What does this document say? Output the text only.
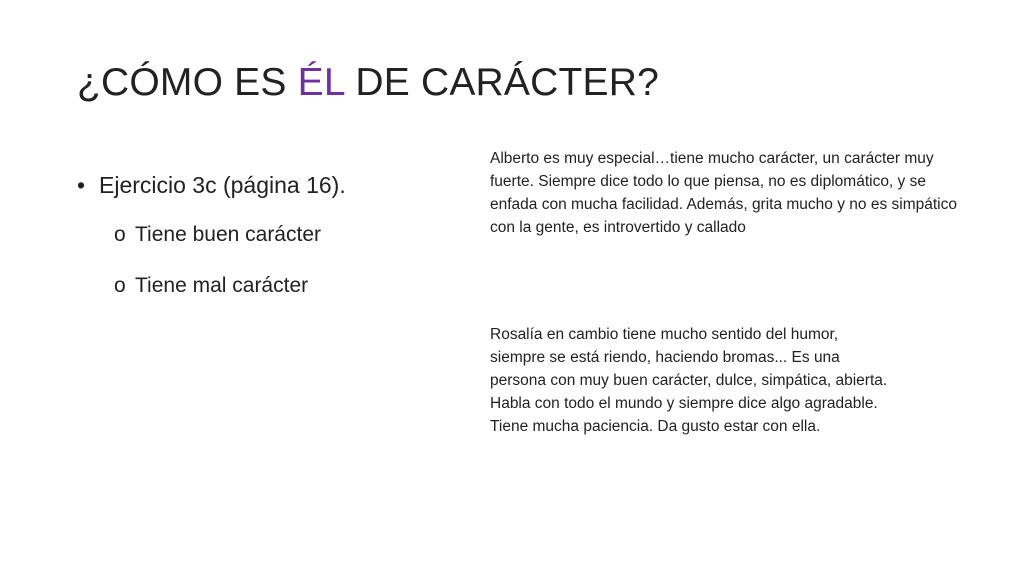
¿CÓMO ES ÉL DE CARÁCTER?
• Ejercicio 3c (página 16).
o Tiene buen carácter
o Tiene mal carácter
Alberto es muy especial…tiene mucho carácter, un carácter muy fuerte. Siempre dice todo lo que piensa, no es diplomático, y se enfada con mucha facilidad. Además, grita mucho y no es simpático con la gente, es introvertido y callado
Rosalía en cambio tiene mucho sentido del humor, siempre se está riendo, haciendo bromas... Es una persona con muy buen carácter, dulce, simpática, abierta. Habla con todo el mundo y siempre dice algo agradable. Tiene mucha paciencia. Da gusto estar con ella.
